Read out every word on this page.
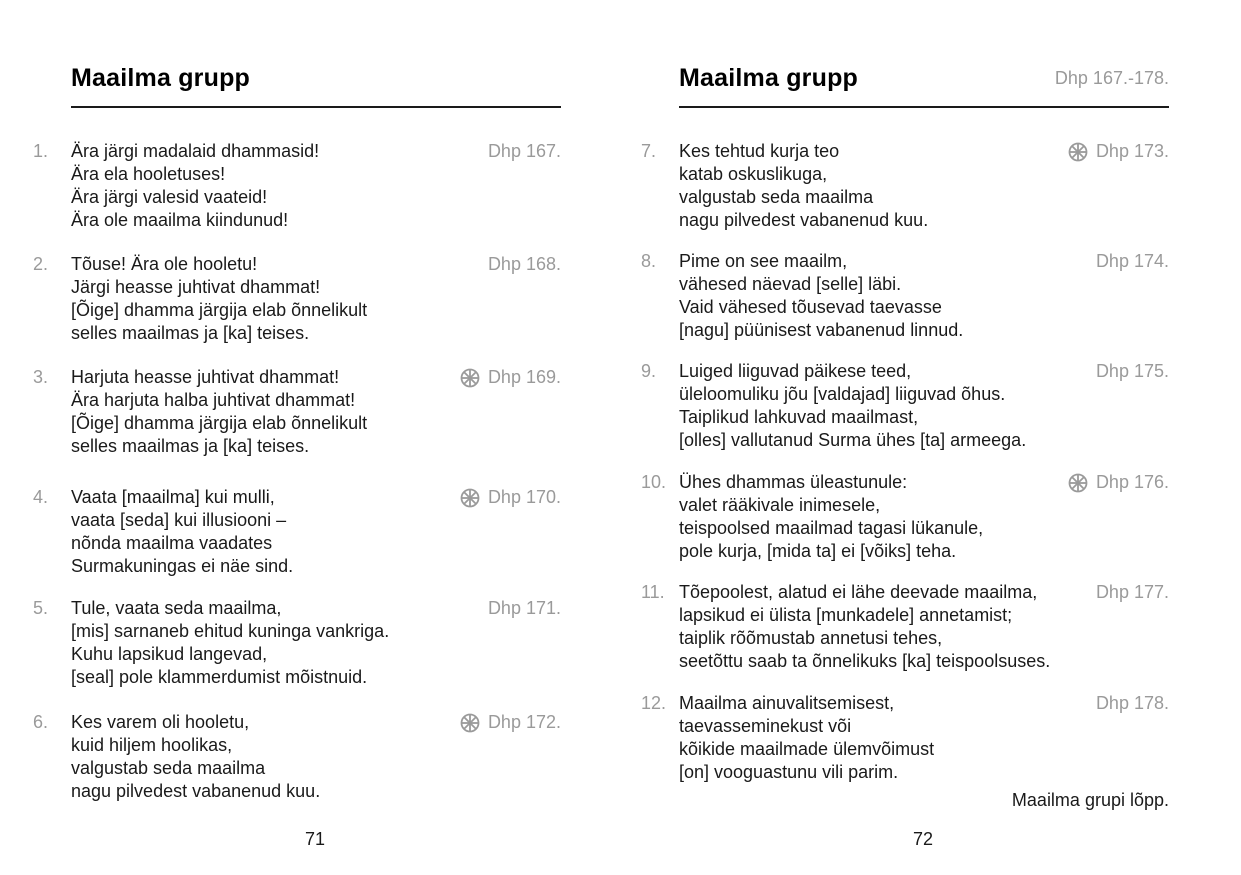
Maailma grupp
1. Ära järgi madalaid dhammasid!
Ära ela hooletuses!
Ära järgi valesid vaateid!
Ära ole maailma kiindunud!
Dhp 167.
2. Tõuse! Ära ole hooletu!
Järgi heasse juhtivat dhammat!
[Õige] dhamma järgija elab õnnelikult
selles maailmas ja [ka] teises.
Dhp 168.
3. Harjuta heasse juhtivat dhammat!
Ära harjuta halba juhtivat dhammat!
[Õige] dhamma järgija elab õnnelikult
selles maailmas ja [ka] teises.
Dhp 169.
4. Vaata [maailma] kui mulli,
vaata [seda] kui illusiooni –
nõnda maailma vaadates
Surmakuningas ei näe sind.
Dhp 170.
5. Tule, vaata seda maailma,
[mis] sarnaneb ehitud kuninga vankriga.
Kuhu lapsikud langevad,
[seal] pole klammerdumist mõistnuid.
Dhp 171.
6. Kes varem oli hooletu,
kuid hiljem hoolikas,
valgustab seda maailma
nagu pilvedest vabanenud kuu.
Dhp 172.
71
Maailma grupp	Dhp 167.-178.
7. Kes tehtud kurja teo
katab oskuslikuga,
valgustab seda maailma
nagu pilvedest vabanenud kuu.
Dhp 173.
8. Pime on see maailm,
vähesed näevad [selle] läbi.
Vaid vähesed tõusevad taevasse
[nagu] püünisest vabanenud linnud.
Dhp 174.
9. Luiged liiguvad päikese teed,
üleloomuliku jõu [valdajad] liiguvad õhus.
Taiplikud lahkuvad maailmast,
[olles] vallutanud Surma ühes [ta] armeega.
Dhp 175.
10. Ühes dhammas üleastunule:
valet rääkivale inimesele,
teispoolsed maailmad tagasi lükanule,
pole kurja, [mida ta] ei [võiks] teha.
Dhp 176.
11. Tõepoolest, alatud ei lähe deevade maailma,
lapsikud ei ülista [munkadele] annetamist;
taiplik rõõmustab annetusi tehes,
seetõttu saab ta õnnelikuks [ka] teispoolsuses.
Dhp 177.
12. Maailma ainuvalitsemisest,
taevasseminekust või
kõikide maailmade ülemvõimust
[on] vooguastunu vili parim.
Dhp 178.
Maailma grupi lõpp.
72
